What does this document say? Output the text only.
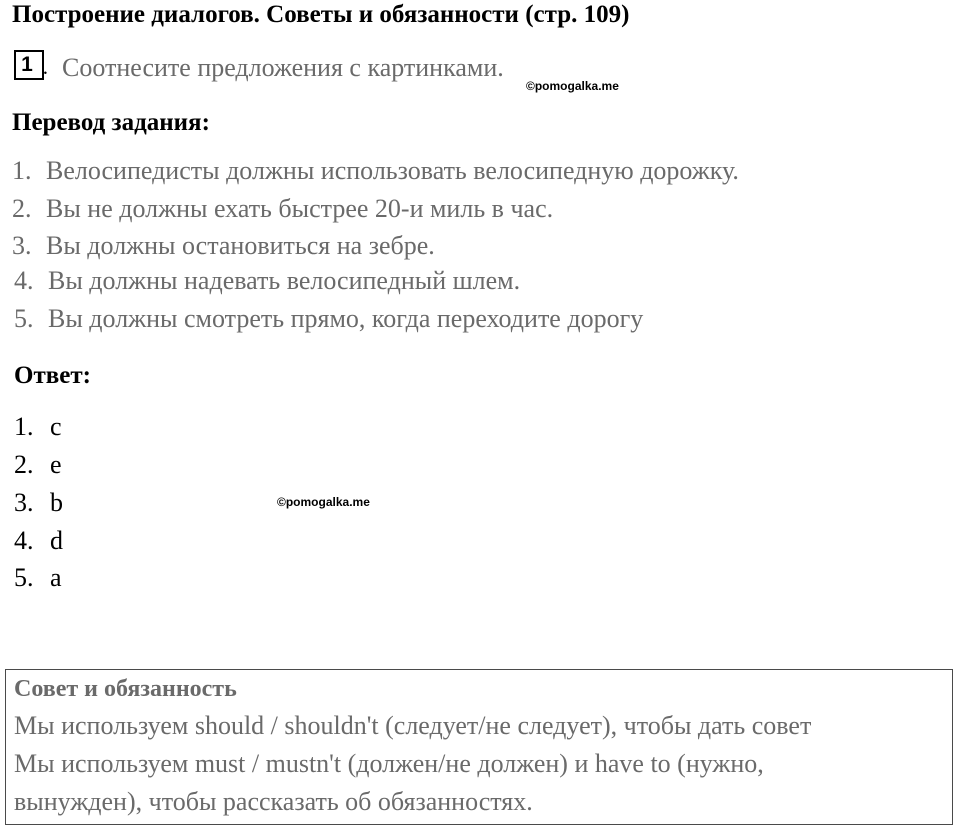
Построение диалогов. Советы и обязанности (стр. 109)
1 . Соотнесите предложения с картинками.
©pomogalka.me
Перевод задания:
1. Велосипедисты должны использовать велосипедную дорожку.
2. Вы не должны ехать быстрее 20-и миль в час.
3. Вы должны остановиться на зебре.
4. Вы должны надевать велосипедный шлем.
5. Вы должны смотреть прямо, когда переходите дорогу
Ответ:
1. c
2. e
3. b
4. d
5. a
©pomogalka.me
Совет и обязанность
Мы используем should / shouldn't (следует/не следует), чтобы дать совет
Мы используем must / mustn't (должен/не должен) и have to (нужно,
вынужден), чтобы рассказать об обязанностях.
